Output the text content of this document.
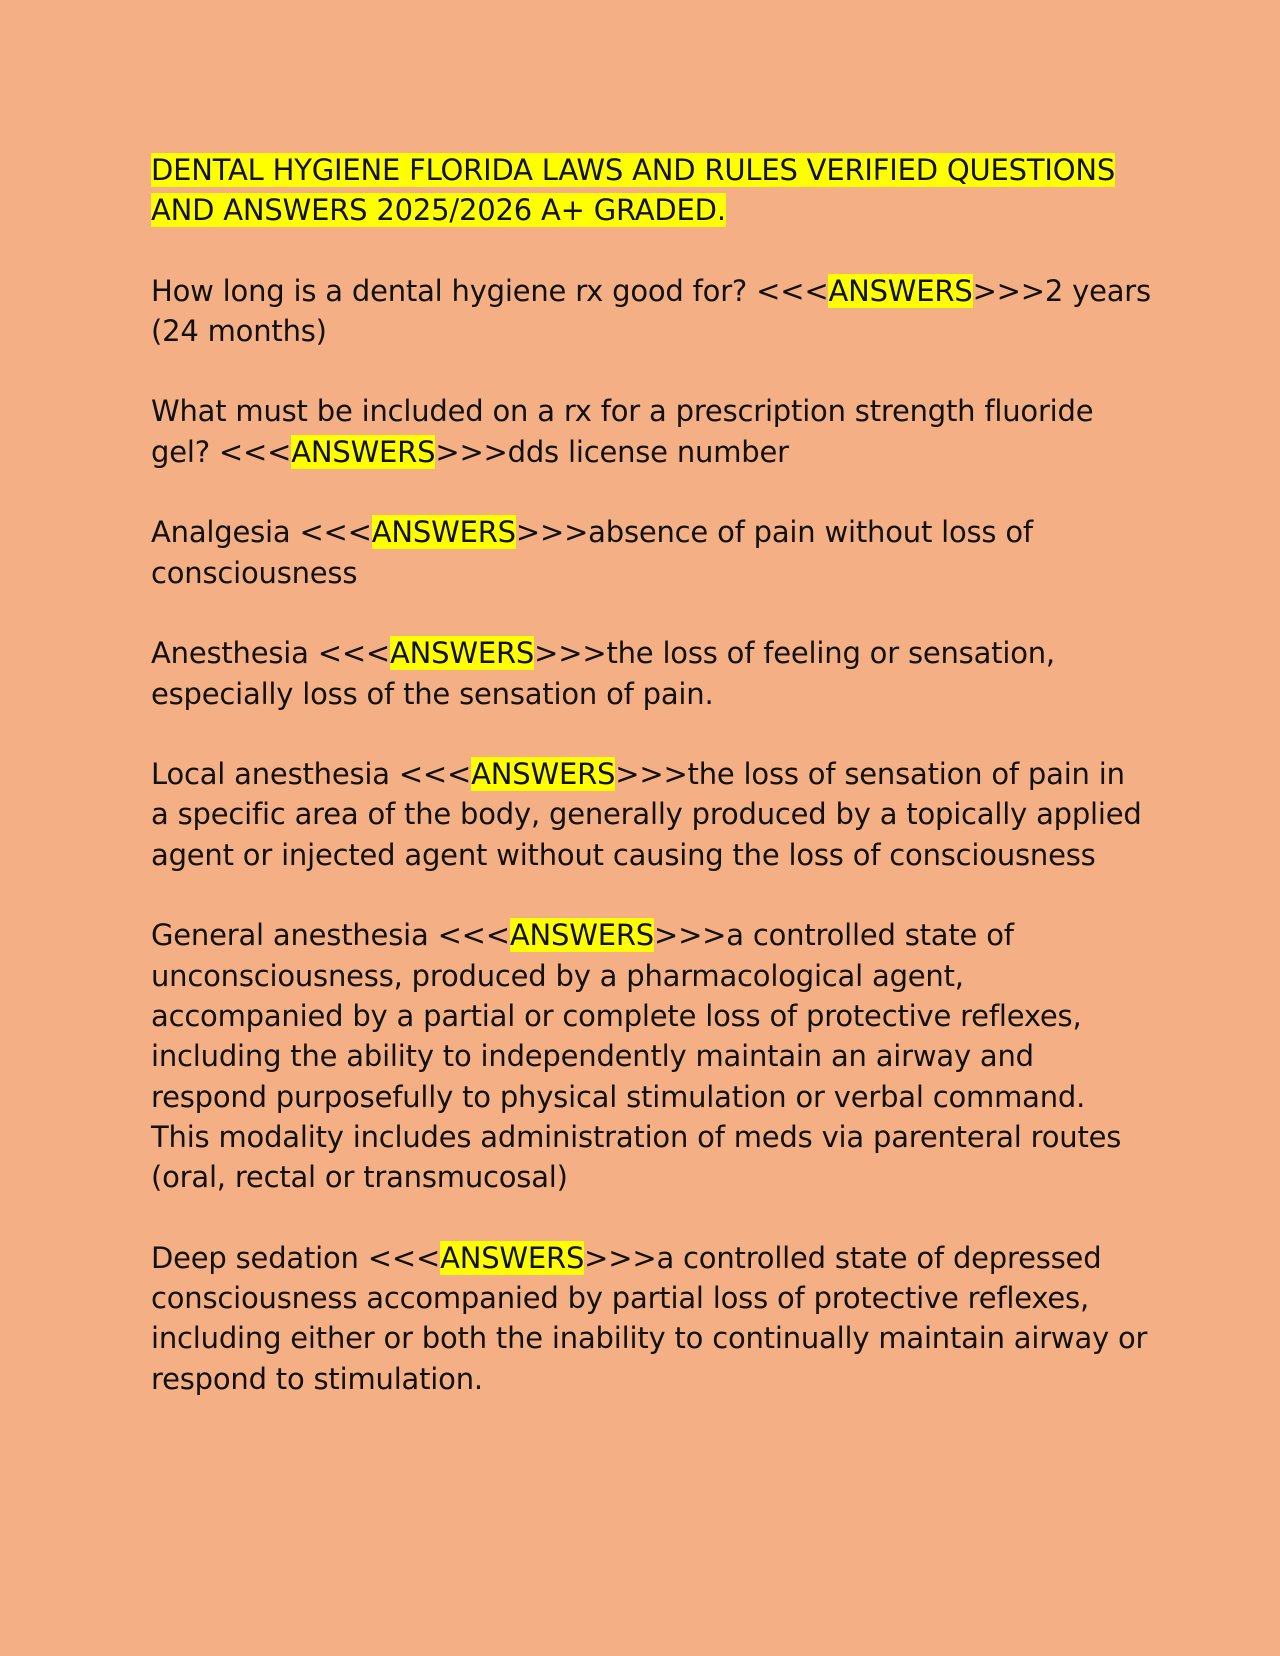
DENTAL HYGIENE FLORIDA LAWS AND RULES VERIFIED QUESTIONS AND ANSWERS 2025/2026 A+ GRADED.

How long is a dental hygiene rx good for? <<<ANSWERS>>>2 years (24 months)

What must be included on a rx for a prescription strength fluoride gel? <<<ANSWERS>>>dds license number

Analgesia <<<ANSWERS>>>absence of pain without loss of consciousness

Anesthesia <<<ANSWERS>>>the loss of feeling or sensation, especially loss of the sensation of pain.

Local anesthesia <<<ANSWERS>>>the loss of sensation of pain in a specific area of the body, generally produced by a topically applied agent or injected agent without causing the loss of consciousness

General anesthesia <<<ANSWERS>>>a controlled state of unconsciousness, produced by a pharmacological agent, accompanied by a partial or complete loss of protective reflexes, including the ability to independently maintain an airway and respond purposefully to physical stimulation or verbal command. This modality includes administration of meds via parenteral routes (oral, rectal or transmucosal)

Deep sedation <<<ANSWERS>>>a controlled state of depressed consciousness accompanied by partial loss of protective reflexes, including either or both the inability to continually maintain airway or respond to stimulation.
